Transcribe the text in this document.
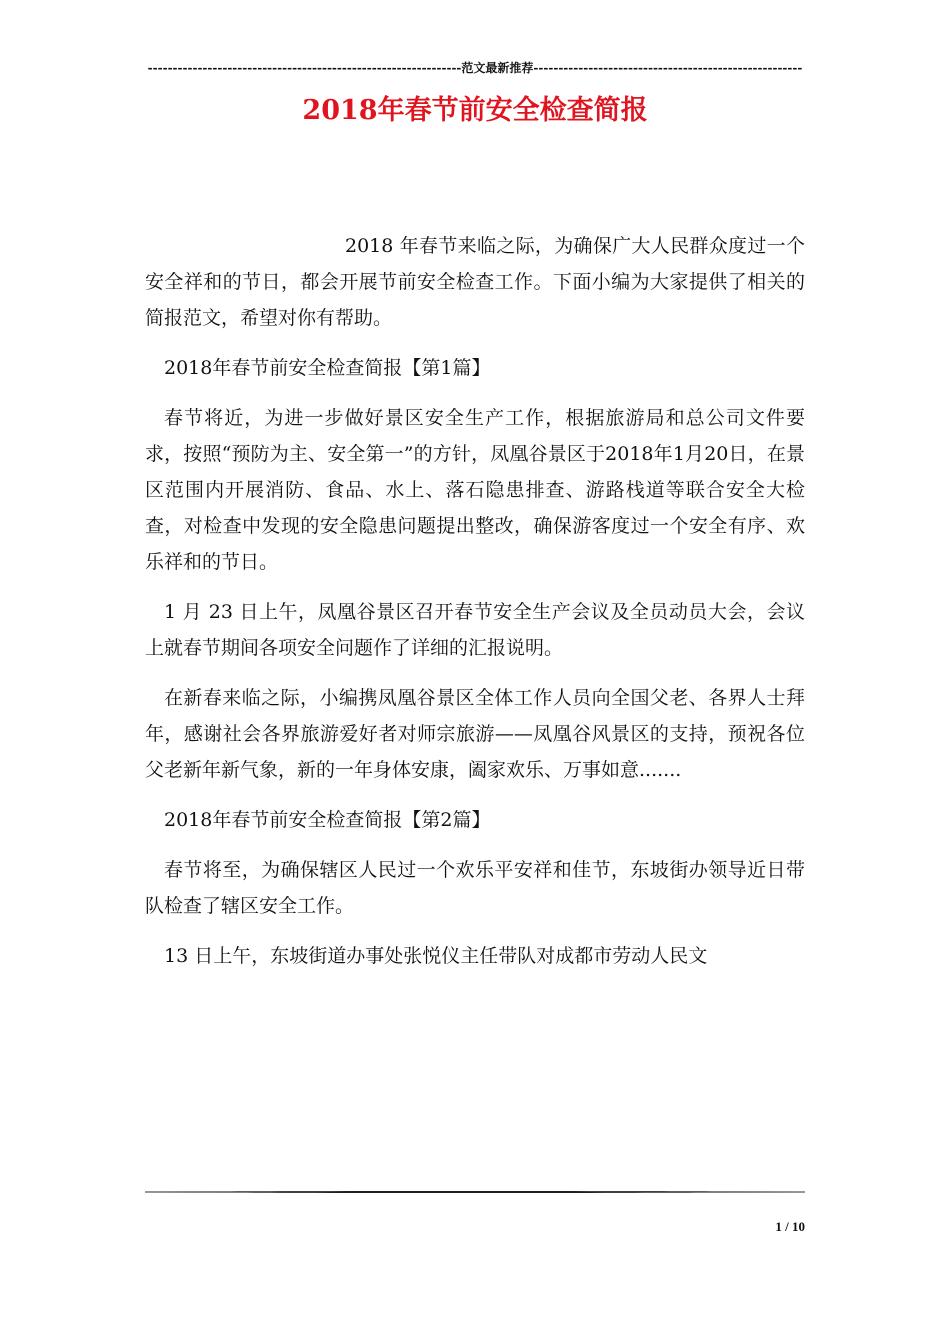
---------------------------------------------------------------范文最新推荐------------------------------------------------------
2018年春节前安全检查简报

2018 年春节来临之际，为确保广大人民群众度过一个安全祥和的节日，都会开展节前安全检查工作。下面小编为大家提供了相关的简报范文，希望对你有帮助。

2018年春节前安全检查简报【第1篇】

春节将近，为进一步做好景区安全生产工作，根据旅游局和总公司文件要求，按照“预防为主、安全第一”的方针，凤凰谷景区于2018年1月20日，在景区范围内开展消防、食品、水上、落石隐患排查、游路栈道等联合安全大检查，对检查中发现的安全隐患问题提出整改，确保游客度过一个安全有序、欢乐祥和的节日。

1 月 23 日上午，凤凰谷景区召开春节安全生产会议及全员动员大会，会议上就春节期间各项安全问题作了详细的汇报说明。

在新春来临之际，小编携凤凰谷景区全体工作人员向全国父老、各界人士拜年，感谢社会各界旅游爱好者对师宗旅游——凤凰谷风景区的支持，预祝各位父老新年新气象，新的一年身体安康，阖家欢乐、万事如意.......

2018年春节前安全检查简报【第2篇】

春节将至，为确保辖区人民过一个欢乐平安祥和佳节，东坡街办领导近日带队检查了辖区安全工作。

13 日上午，东坡街道办事处张悦仪主任带队对成都市劳动人民文

1 / 10
